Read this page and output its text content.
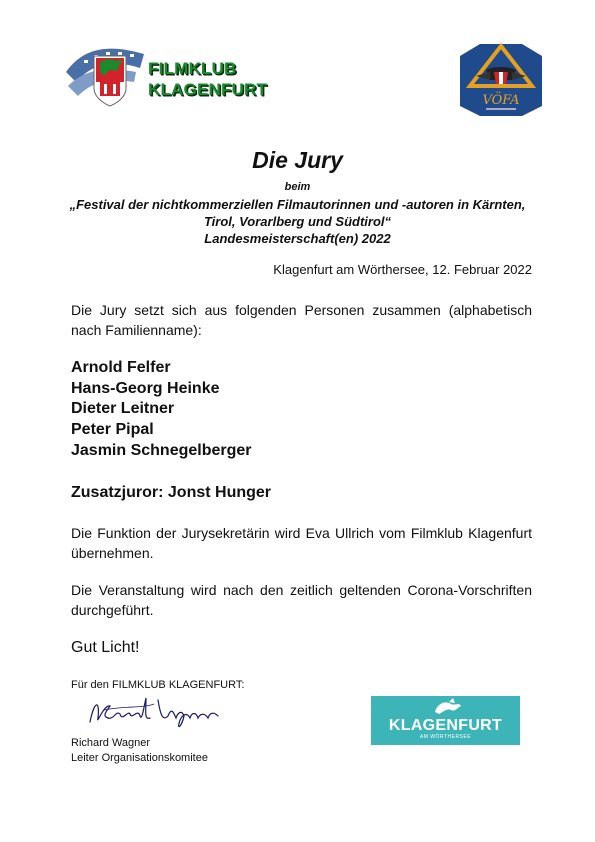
FILMKLUB
KLAGENFURT
VÖFA
Die Jury
beim
„Festival der nichtkommerziellen Filmautorinnen und -autoren in Kärnten, Tirol, Vorarlberg und Südtirol“
Landesmeisterschaft(en) 2022
Klagenfurt am Wörthersee, 12. Februar 2022
Die Jury setzt sich aus folgenden Personen zusammen (alphabetisch nach Familienname):
Arnold Felfer
Hans-Georg Heinke
Dieter Leitner
Peter Pipal
Jasmin Schnegelberger
Zusatzjuror: Jonst Hunger
Die Funktion der Jurysekretärin wird Eva Ullrich vom Filmklub Klagenfurt übernehmen.
Die Veranstaltung wird nach den zeitlich geltenden Corona-Vorschriften durchgeführt.
Gut Licht!
Für den FILMKLUB KLAGENFURT:
Richard Wagner
Leiter Organisationskomitee
KLAGENFURT
AM WÖRTHERSEE
